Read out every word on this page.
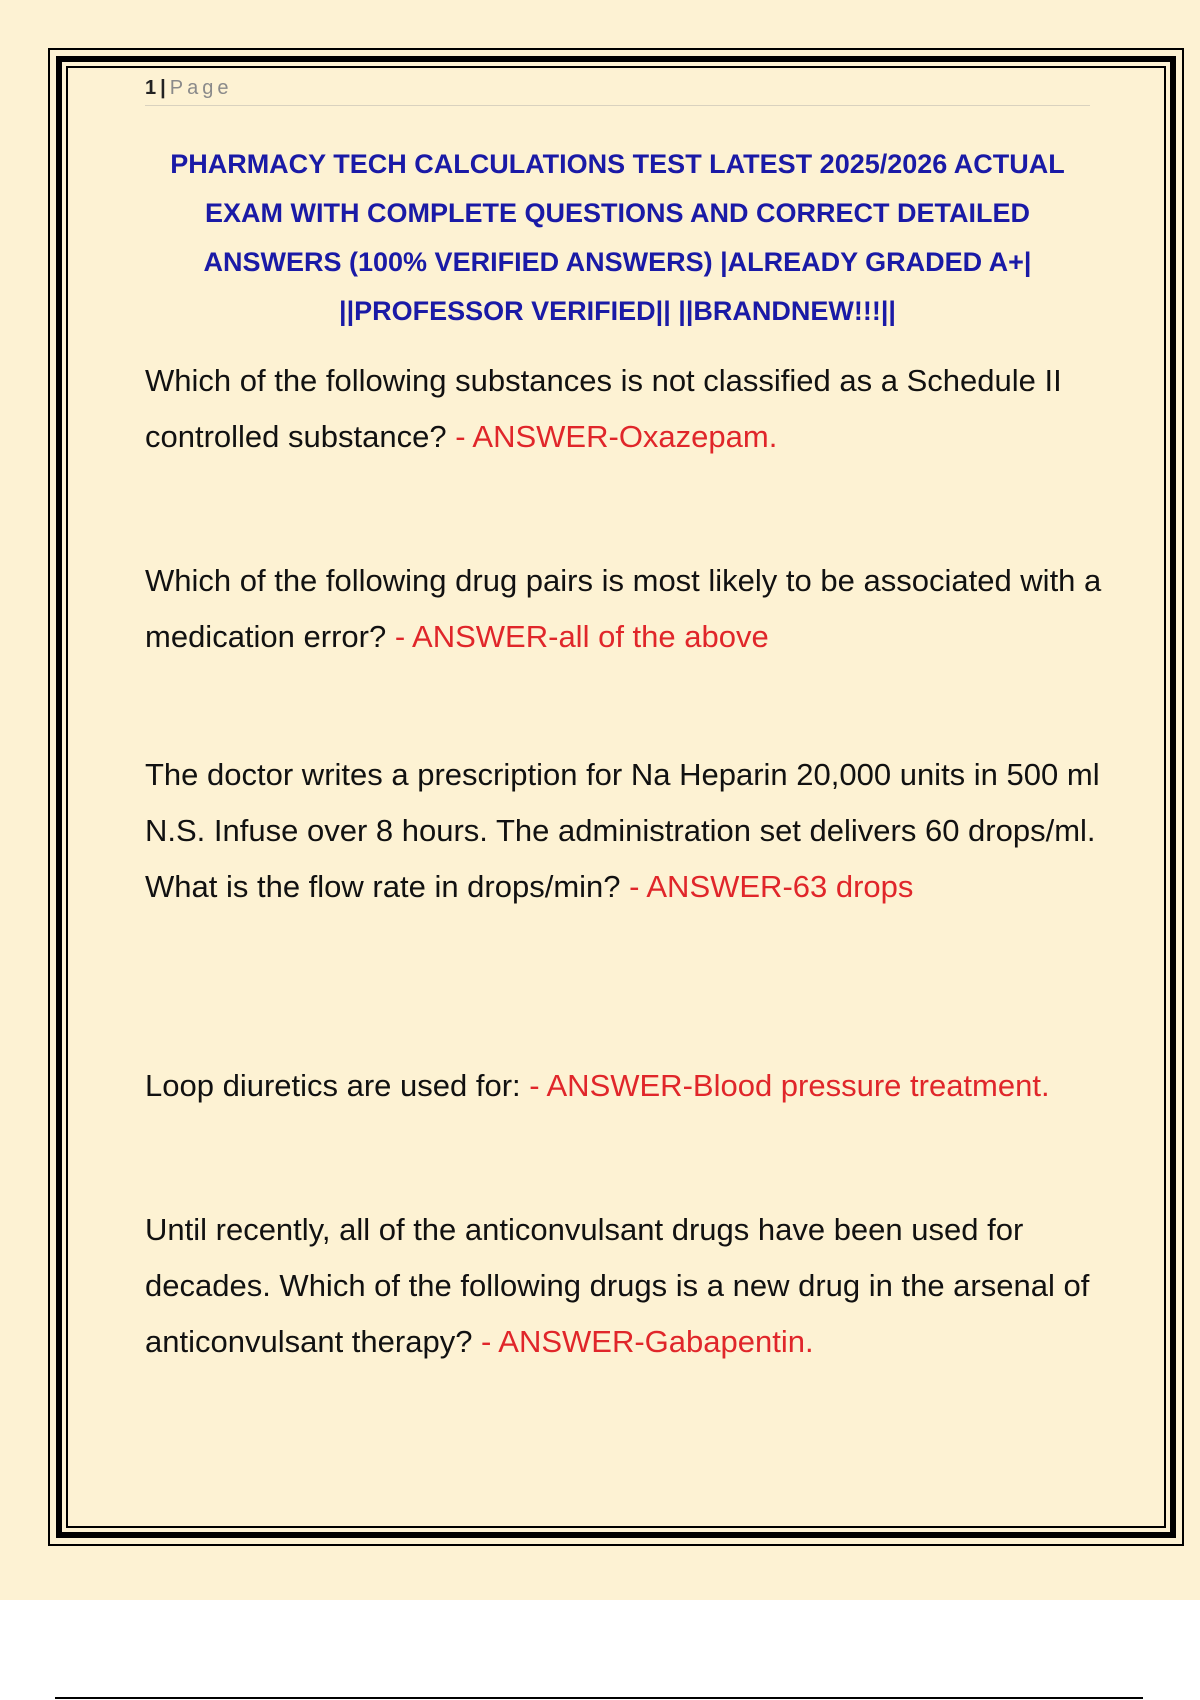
1 | Page
PHARMACY TECH CALCULATIONS TEST LATEST 2025/2026 ACTUAL EXAM WITH COMPLETE QUESTIONS AND CORRECT DETAILED ANSWERS (100% VERIFIED ANSWERS) |ALREADY GRADED A+| ||PROFESSOR VERIFIED|| ||BRANDNEW!!!||
Which of the following substances is not classified as a Schedule II controlled substance? - ANSWER-Oxazepam.
Which of the following drug pairs is most likely to be associated with a medication error? - ANSWER-all of the above
The doctor writes a prescription for Na Heparin 20,000 units in 500 ml N.S. Infuse over 8 hours. The administration set delivers 60 drops/ml. What is the flow rate in drops/min? - ANSWER-63 drops
Loop diuretics are used for: - ANSWER-Blood pressure treatment.
Until recently, all of the anticonvulsant drugs have been used for decades. Which of the following drugs is a new drug in the arsenal of anticonvulsant therapy? - ANSWER-Gabapentin.
